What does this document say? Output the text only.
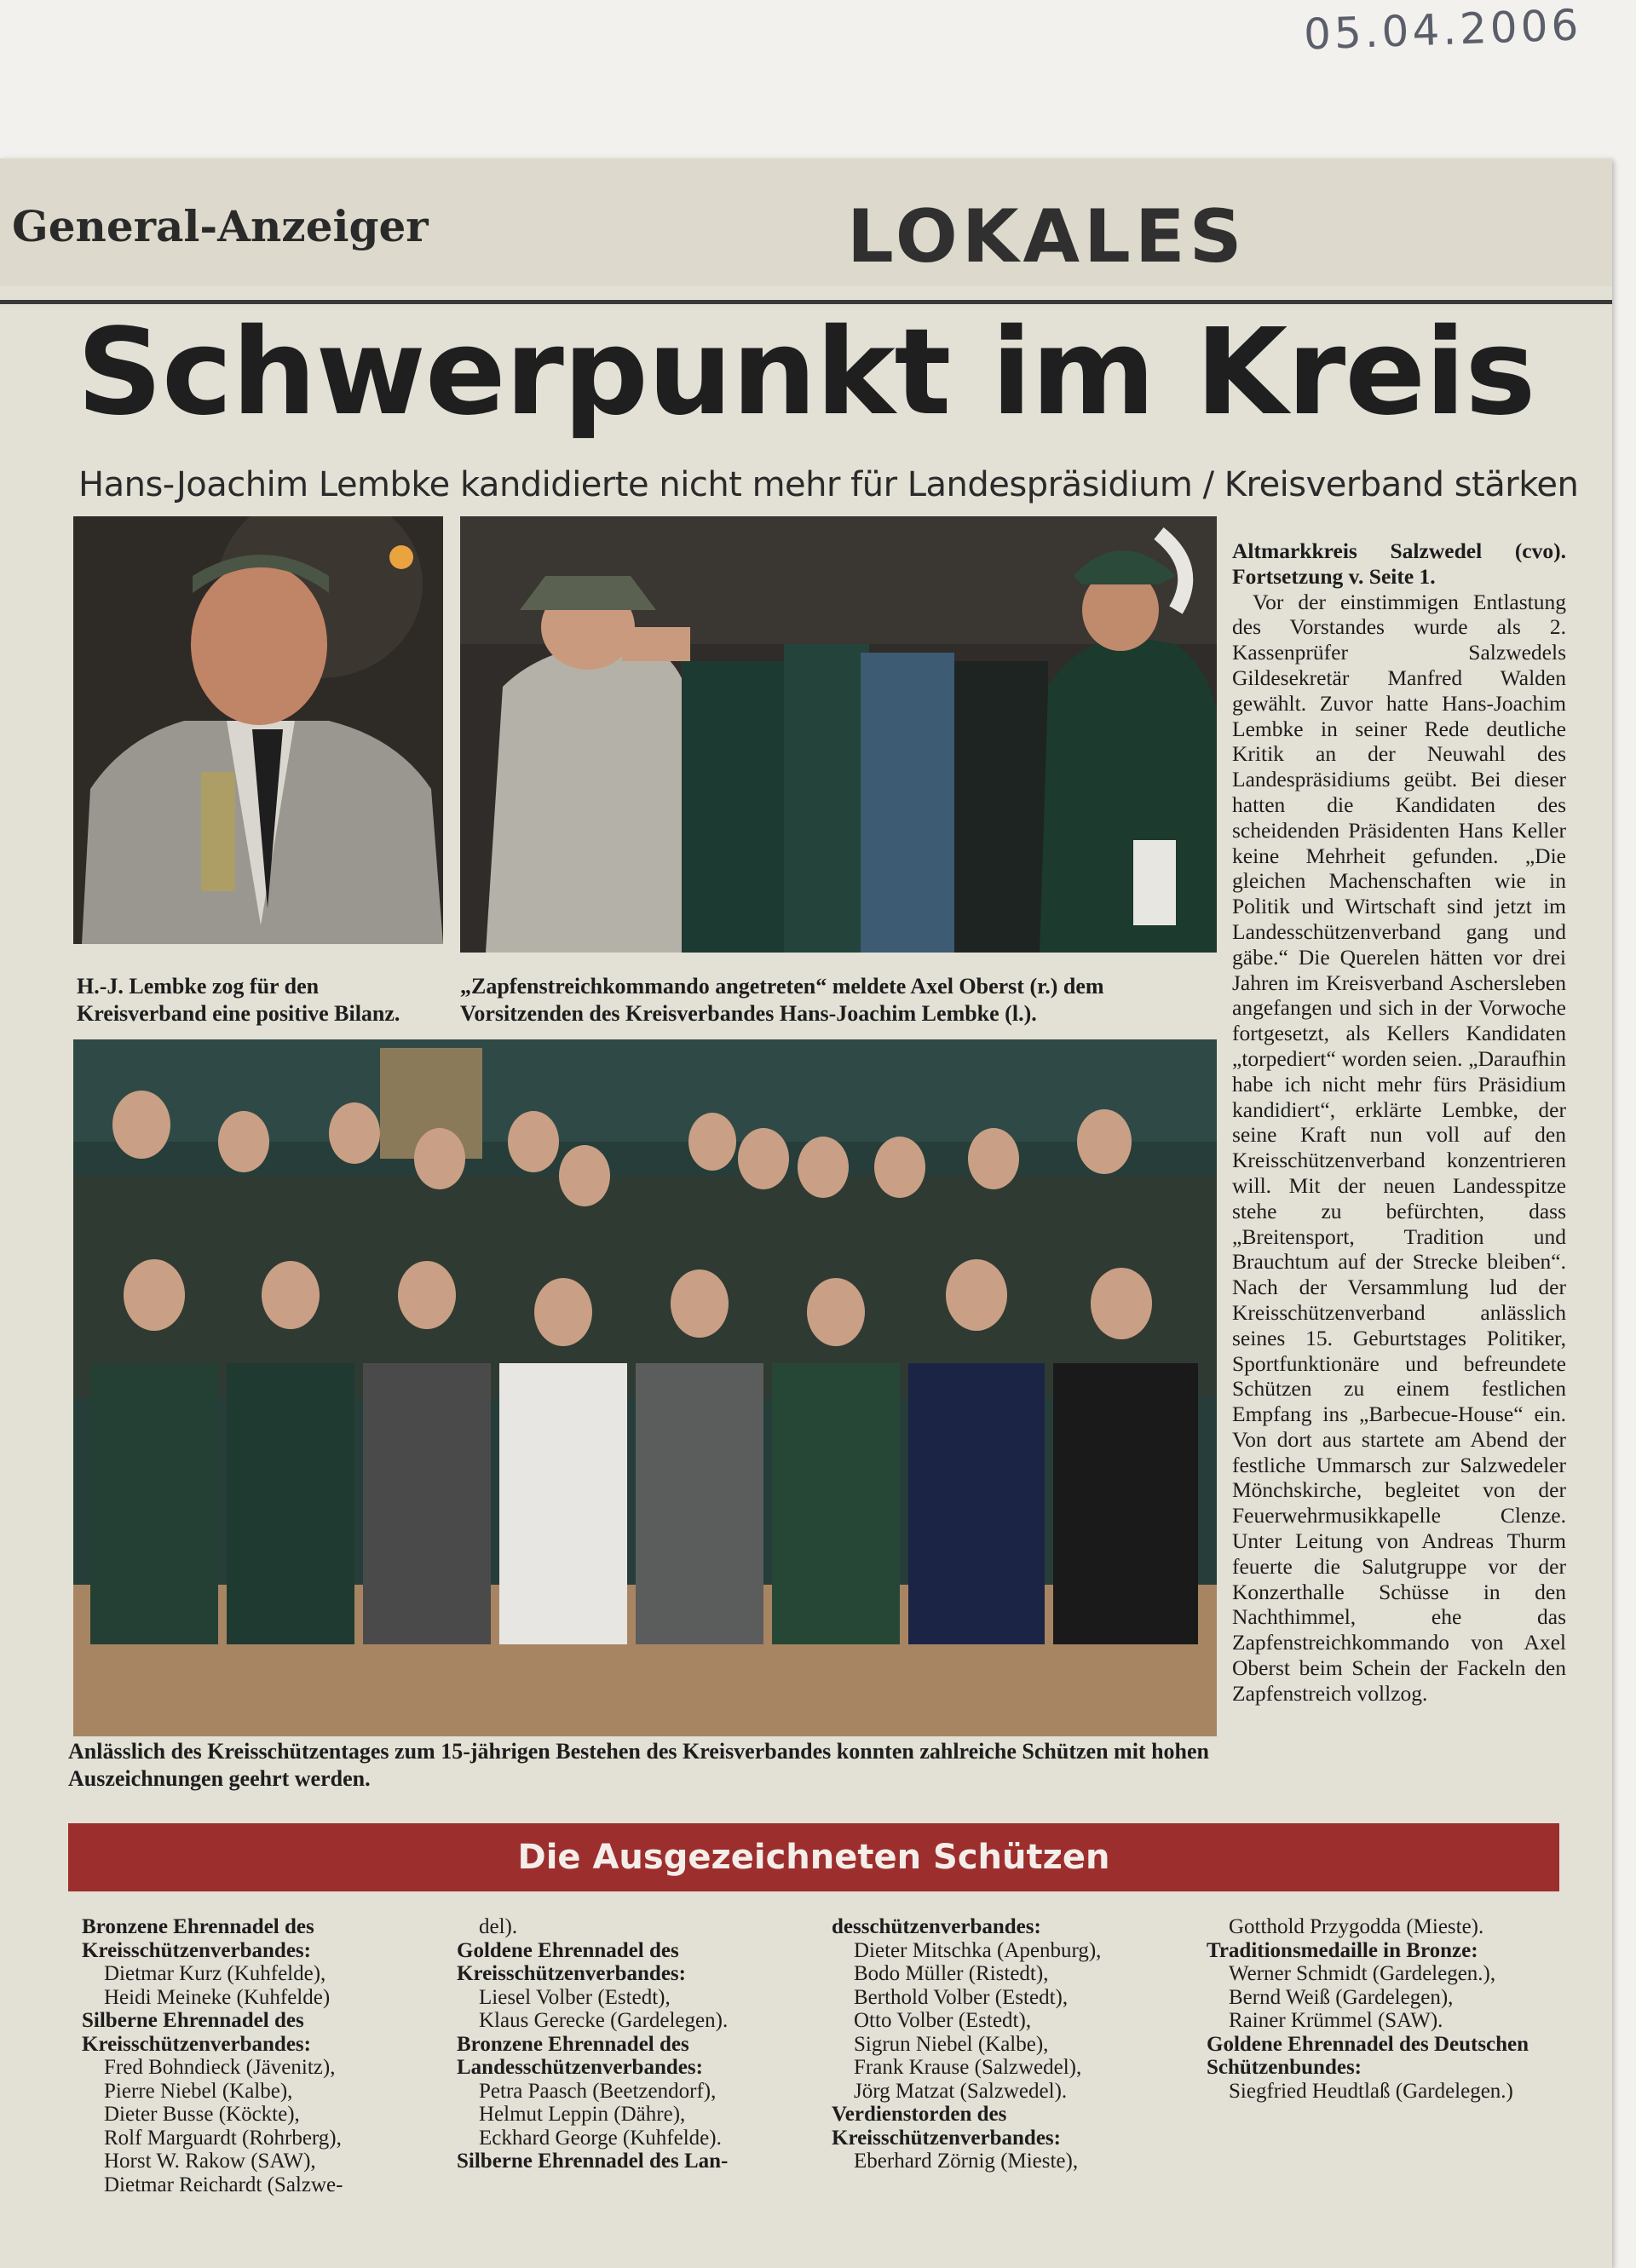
05.04.2006
General-Anzeiger	LOKALES
Schwerpunkt im Kreis
Hans-Joachim Lembke kandidierte nicht mehr für Landespräsidium / Kreisverband stärken
H.-J. Lembke zog für den Kreisverband eine positive Bilanz.
„Zapfenstreichkommando angetreten“ meldete Axel Oberst (r.) dem Vorsitzenden des Kreisverbandes Hans-Joachim Lembke (l.).
Anlässlich des Kreisschützentages zum 15-jährigen Bestehen des Kreisverbandes konnten zahlreiche Schützen mit hohen Auszeichnungen geehrt werden.
Altmarkkreis Salzwedel (cvo). Fortsetzung v. Seite 1.

Vor der einstimmigen Entlastung des Vorstandes wurde als 2. Kassenprüfer Salzwedels Gildesekretär Manfred Walden gewählt. Zuvor hatte Hans-Joachim Lembke in seiner Rede deutliche Kritik an der Neuwahl des Landespräsidiums geübt. Bei dieser hatten die Kandidaten des scheidenden Präsidenten Hans Keller keine Mehrheit gefunden. „Die gleichen Machenschaften wie in Politik und Wirtschaft sind jetzt im Landesschützenverband gang und gäbe.“ Die Querelen hätten vor drei Jahren im Kreisverband Aschersleben angefangen und sich in der Vorwoche fortgesetzt, als Kellers Kandidaten „torpediert“ worden seien. „Daraufhin habe ich nicht mehr fürs Präsidium kandidiert“, erklärte Lembke, der seine Kraft nun voll auf den Kreisschützenverband konzentrieren will. Mit der neuen Landesspitze stehe zu befürchten, dass „Breitensport, Tradition und Brauchtum auf der Strecke bleiben“. Nach der Versammlung lud der Kreisschützenverband anlässlich seines 15. Geburtstages Politiker, Sportfunktionäre und befreundete Schützen zu einem festlichen Empfang ins „Barbecue-House“ ein. Von dort aus startete am Abend der festliche Ummarsch zur Salzwedeler Mönchskirche, begleitet von der Feuerwehrmusikkapelle Clenze. Unter Leitung von Andreas Thurm feuerte die Salutgruppe vor der Konzerthalle Schüsse in den Nachthimmel, ehe das Zapfenstreichkommando von Axel Oberst beim Schein der Fackeln den Zapfenstreich vollzog.

Die Ausgezeichneten Schützen
Bronzene Ehrennadel des Kreisschützenverbandes:
Dietmar Kurz (Kuhfelde),
Heidi Meineke (Kuhfelde)
Silberne Ehrennadel des Kreisschützenverbandes:
Fred Bohndieck (Jävenitz),
Pierre Niebel (Kalbe),
Dieter Busse (Köckte),
Rolf Marguardt (Rohrberg),
Horst W. Rakow (SAW),
Dietmar Reichardt (Salzwe-
del).
Goldene Ehrennadel des Kreisschützenverbandes:
Liesel Volber (Estedt),
Klaus Gerecke (Gardelegen).
Bronzene Ehrennadel des Landesschützenverbandes:
Petra Paasch (Beetzendorf),
Helmut Leppin (Dähre),
Eckhard George (Kuhfelde).
Silberne Ehrennadel des Lan-
desschützenverbandes:
Dieter Mitschka (Apenburg),
Bodo Müller (Ristedt),
Berthold Volber (Estedt),
Otto Volber (Estedt),
Sigrun Niebel (Kalbe),
Frank Krause (Salzwedel),
Jörg Matzat (Salzwedel).
Verdienstorden des Kreisschützenverbandes:
Eberhard Zörnig (Mieste),
Gotthold Przygodda (Mieste).
Traditionsmedaille in Bronze:
Werner Schmidt (Gardelegen.),
Bernd Weiß (Gardelegen),
Rainer Krümmel (SAW).
Goldene Ehrennadel des Deutschen Schützenbundes:
Siegfried Heudtlaß (Gardelegen.)
